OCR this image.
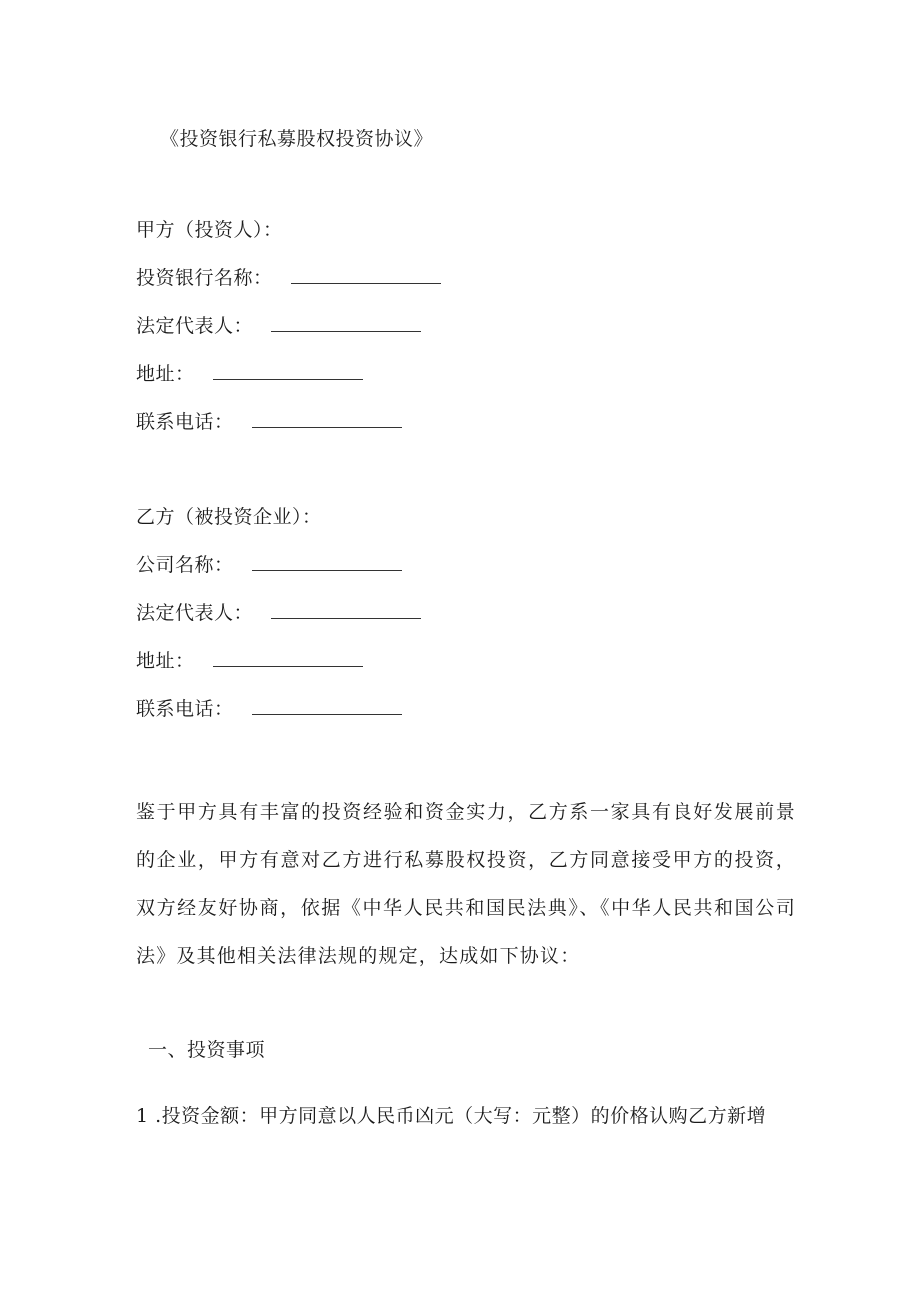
《投资银行私募股权投资协议》
甲方（投资人）：
投资银行名称：
法定代表人：
地址：
联系电话：
乙方（被投资企业）：
公司名称：
法定代表人：
地址：
联系电话：
鉴于甲方具有丰富的投资经验和资金实力，乙方系一家具有良好发展前景的企业，甲方有意对乙方进行私募股权投资，乙方同意接受甲方的投资，双方经友好协商，依据《中华人民共和国民法典》、《中华人民共和国公司法》及其他相关法律法规的规定，达成如下协议：
一、投资事项
1 .投资金额：甲方同意以人民币凶元（大写：元整）的价格认购乙方新增
